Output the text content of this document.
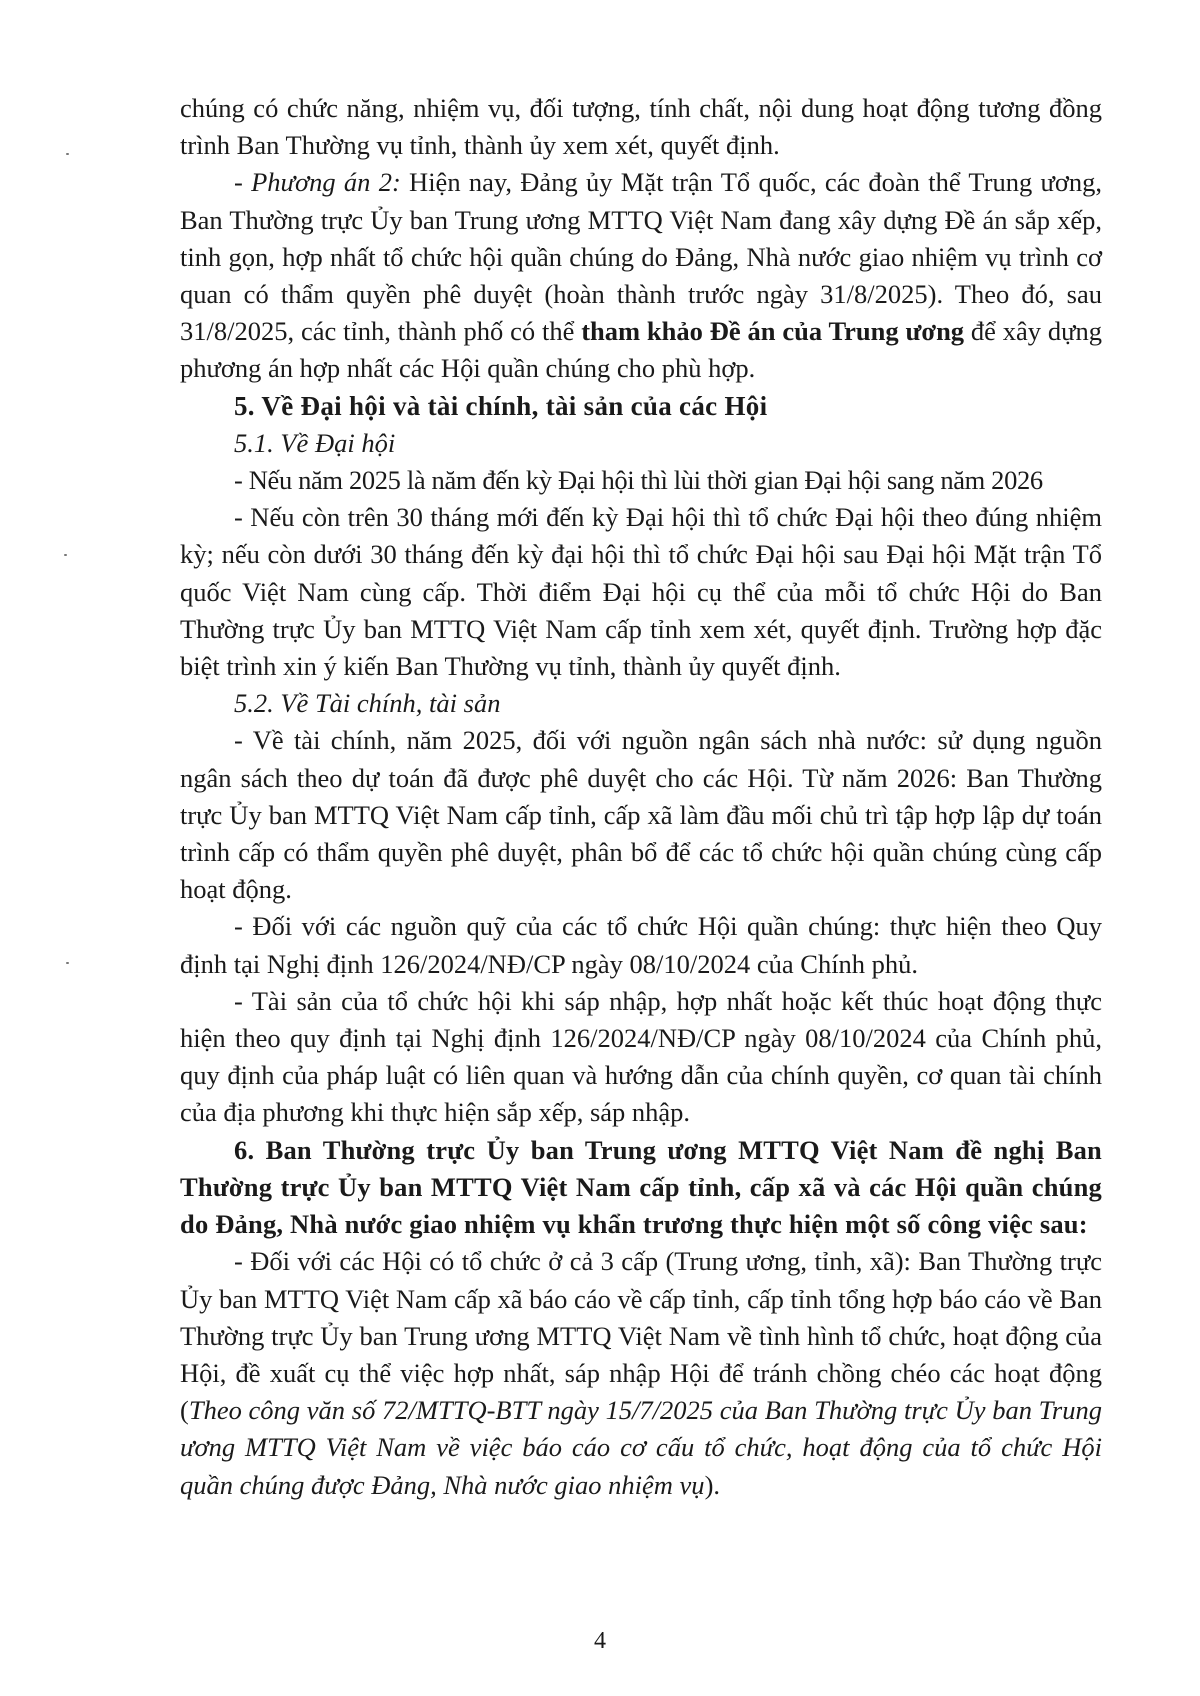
chúng có chức năng, nhiệm vụ, đối tượng, tính chất, nội dung hoạt động tương đồng trình Ban Thường vụ tỉnh, thành ủy xem xét, quyết định.

- Phương án 2: Hiện nay, Đảng ủy Mặt trận Tổ quốc, các đoàn thể Trung ương, Ban Thường trực Ủy ban Trung ương MTTQ Việt Nam đang xây dựng Đề án sắp xếp, tinh gọn, hợp nhất tổ chức hội quần chúng do Đảng, Nhà nước giao nhiệm vụ trình cơ quan có thẩm quyền phê duyệt (hoàn thành trước ngày 31/8/2025). Theo đó, sau 31/8/2025, các tỉnh, thành phố có thể tham khảo Đề án của Trung ương để xây dựng phương án hợp nhất các Hội quần chúng cho phù hợp.

5. Về Đại hội và tài chính, tài sản của các Hội

5.1. Về Đại hội

- Nếu năm 2025 là năm đến kỳ Đại hội thì lùi thời gian Đại hội sang năm 2026

- Nếu còn trên 30 tháng mới đến kỳ Đại hội thì tổ chức Đại hội theo đúng nhiệm kỳ; nếu còn dưới 30 tháng đến kỳ đại hội thì tổ chức Đại hội sau Đại hội Mặt trận Tổ quốc Việt Nam cùng cấp. Thời điểm Đại hội cụ thể của mỗi tổ chức Hội do Ban Thường trực Ủy ban MTTQ Việt Nam cấp tỉnh xem xét, quyết định. Trường hợp đặc biệt trình xin ý kiến Ban Thường vụ tỉnh, thành ủy quyết định.

5.2. Về Tài chính, tài sản

- Về tài chính, năm 2025, đối với nguồn ngân sách nhà nước: sử dụng nguồn ngân sách theo dự toán đã được phê duyệt cho các Hội. Từ năm 2026: Ban Thường trực Ủy ban MTTQ Việt Nam cấp tỉnh, cấp xã làm đầu mối chủ trì tập hợp lập dự toán trình cấp có thẩm quyền phê duyệt, phân bổ để các tổ chức hội quần chúng cùng cấp hoạt động.

- Đối với các nguồn quỹ của các tổ chức Hội quần chúng: thực hiện theo Quy định tại Nghị định 126/2024/NĐ/CP ngày 08/10/2024 của Chính phủ.

- Tài sản của tổ chức hội khi sáp nhập, hợp nhất hoặc kết thúc hoạt động thực hiện theo quy định tại Nghị định 126/2024/NĐ/CP ngày 08/10/2024 của Chính phủ, quy định của pháp luật có liên quan và hướng dẫn của chính quyền, cơ quan tài chính của địa phương khi thực hiện sắp xếp, sáp nhập.

6. Ban Thường trực Ủy ban Trung ương MTTQ Việt Nam đề nghị Ban Thường trực Ủy ban MTTQ Việt Nam cấp tỉnh, cấp xã và các Hội quần chúng do Đảng, Nhà nước giao nhiệm vụ khẩn trương thực hiện một số công việc sau:

- Đối với các Hội có tổ chức ở cả 3 cấp (Trung ương, tỉnh, xã): Ban Thường trực Ủy ban MTTQ Việt Nam cấp xã báo cáo về cấp tỉnh, cấp tỉnh tổng hợp báo cáo về Ban Thường trực Ủy ban Trung ương MTTQ Việt Nam về tình hình tổ chức, hoạt động của Hội, đề xuất cụ thể việc hợp nhất, sáp nhập Hội để tránh chồng chéo các hoạt động (Theo công văn số 72/MTTQ-BTT ngày 15/7/2025 của Ban Thường trực Ủy ban Trung ương MTTQ Việt Nam về việc báo cáo cơ cấu tổ chức, hoạt động của tổ chức Hội quần chúng được Đảng, Nhà nước giao nhiệm vụ).

4
